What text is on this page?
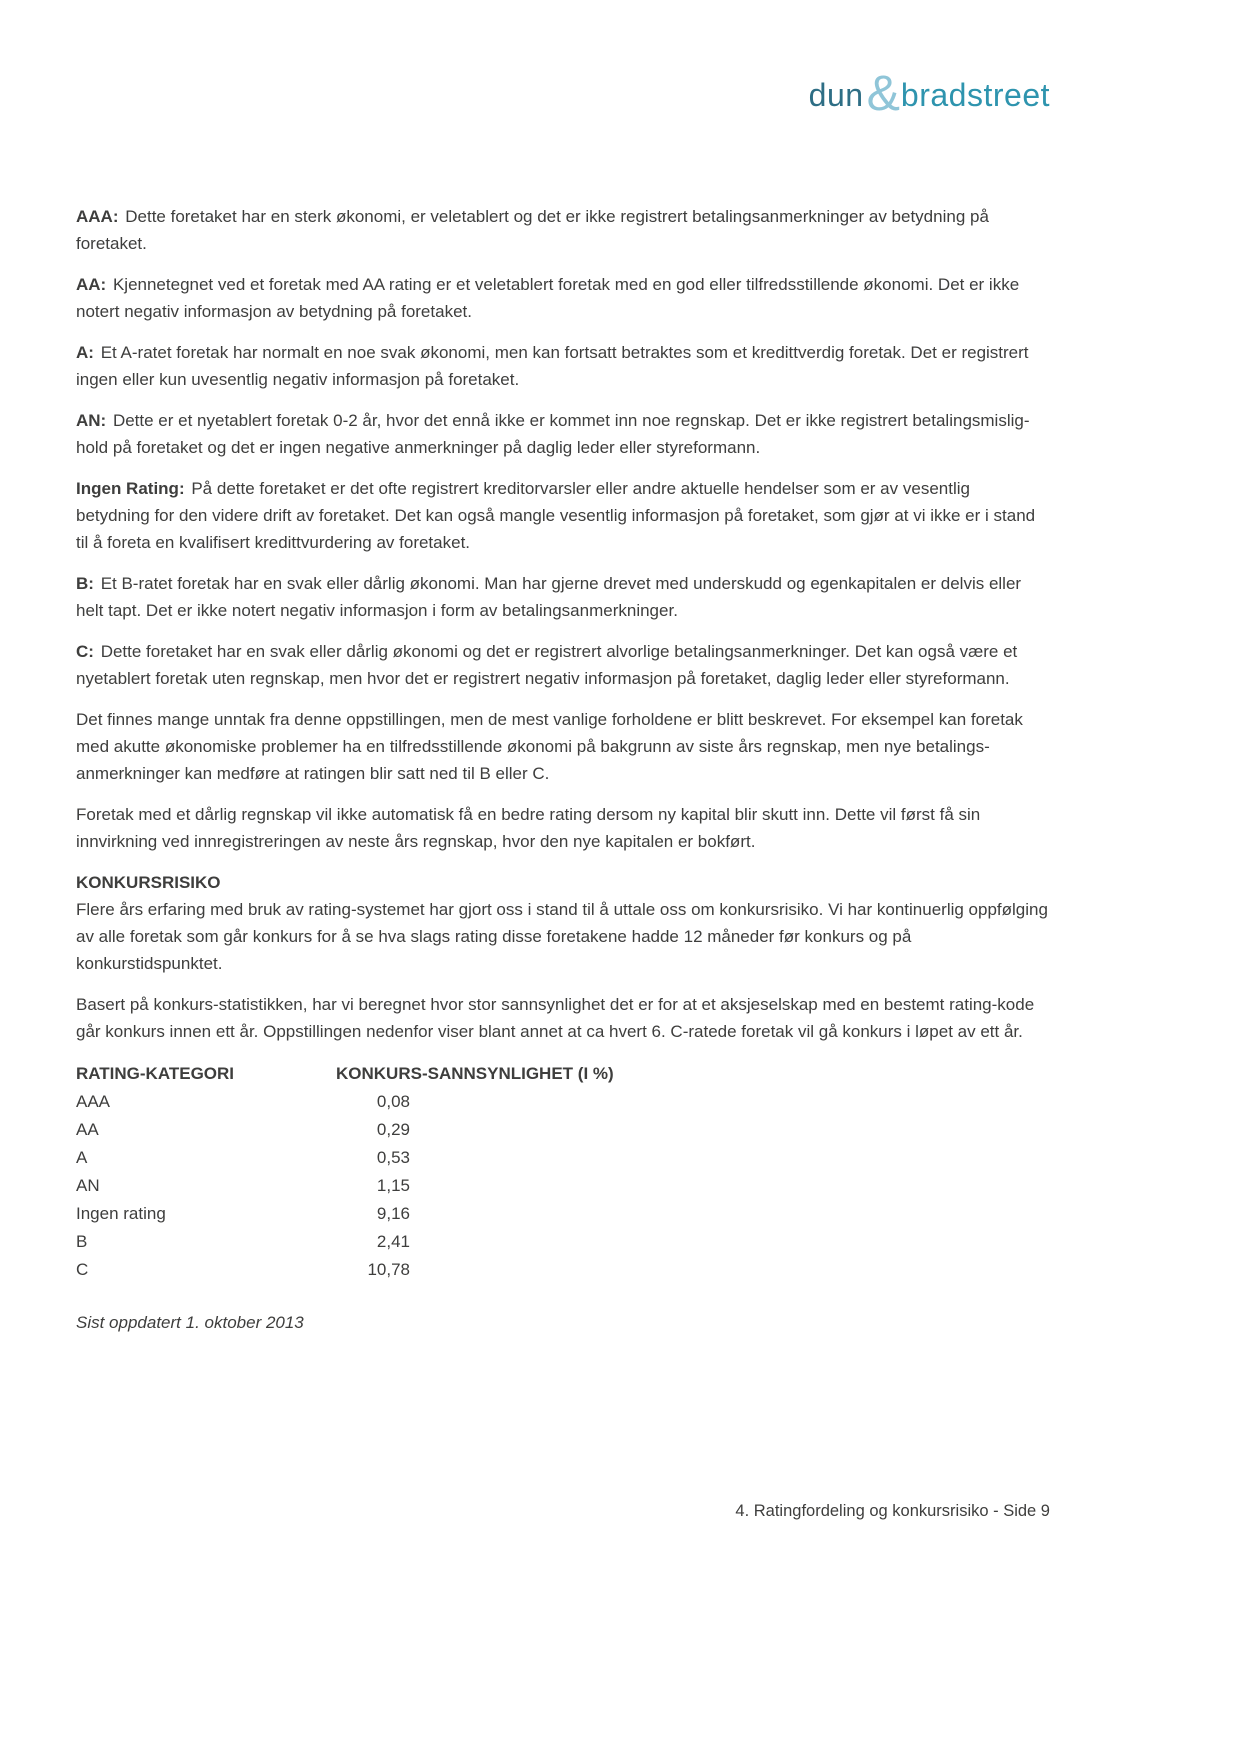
dun & bradstreet

AAA: Dette foretaket har en sterk økonomi, er veletablert og det er ikke registrert betalingsanmerkninger av betydning på foretaket.

AA: Kjennetegnet ved et foretak med AA rating er et veletablert foretak med en god eller tilfredsstillende økonomi. Det er ikke notert negativ informasjon av betydning på foretaket.

A: Et A-ratet foretak har normalt en noe svak økonomi, men kan fortsatt betraktes som et kredittverdig foretak. Det er registrert ingen eller kun uvesentlig negativ informasjon på foretaket.

AN: Dette er et nyetablert foretak 0-2 år, hvor det ennå ikke er kommet inn noe regnskap. Det er ikke registrert betalingsmislig- hold på foretaket og det er ingen negative anmerkninger på daglig leder eller styreformann.

Ingen Rating: På dette foretaket er det ofte registrert kreditorvarsler eller andre aktuelle hendelser som er av vesentlig betydning for den videre drift av foretaket. Det kan også mangle vesentlig informasjon på foretaket, som gjør at vi ikke er i stand til å foreta en kvalifisert kredittvurdering av foretaket.

B: Et B-ratet foretak har en svak eller dårlig økonomi. Man har gjerne drevet med underskudd og egenkapitalen er delvis eller helt tapt. Det er ikke notert negativ informasjon i form av betalingsanmerkninger.

C: Dette foretaket har en svak eller dårlig økonomi og det er registrert alvorlige betalingsanmerkninger. Det kan også være et nyetablert foretak uten regnskap, men hvor det er registrert negativ informasjon på foretaket, daglig leder eller styreformann.

Det finnes mange unntak fra denne oppstillingen, men de mest vanlige forholdene er blitt beskrevet. For eksempel kan foretak med akutte økonomiske problemer ha en tilfredsstillende økonomi på bakgrunn av siste års regnskap, men nye betalings- anmerkninger kan medføre at ratingen blir satt ned til B eller C.

Foretak med et dårlig regnskap vil ikke automatisk få en bedre rating dersom ny kapital blir skutt inn. Dette vil først få sin innvirkning ved innregistreringen av neste års regnskap, hvor den nye kapitalen er bokført.

KONKURSRISIKO

Flere års erfaring med bruk av rating-systemet har gjort oss i stand til å uttale oss om konkursrisiko. Vi har kontinuerlig oppfølging av alle foretak som går konkurs for å se hva slags rating disse foretakene hadde 12 måneder før konkurs og på konkurstidspunktet.

Basert på konkurs-statistikken, har vi beregnet hvor stor sannsynlighet det er for at et aksjeselskap med en bestemt rating-kode går konkurs innen ett år. Oppstillingen nedenfor viser blant annet at ca hvert 6. C-ratede foretak vil gå konkurs i løpet av ett år.

RATING-KATEGORI	KONKURS-SANNSYNLIGHET (I %)
AAA	0,08
AA	0,29
A	0,53
AN	1,15
Ingen rating	9,16
B	2,41
C	10,78

Sist oppdatert 1. oktober 2013

4. Ratingfordeling og konkursrisiko - Side 9
